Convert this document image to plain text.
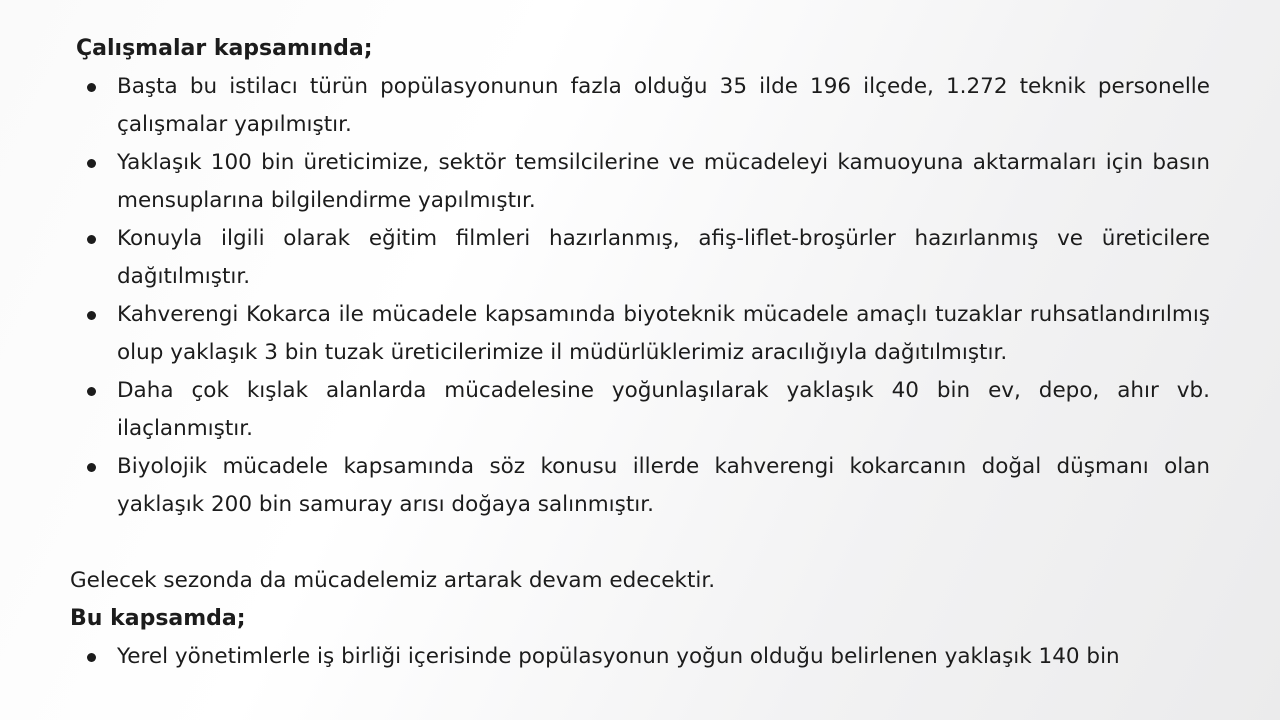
Çalışmalar kapsamında;

Başta bu istilacı türün popülasyonunun fazla olduğu 35 ilde 196 ilçede, 1.272 teknik personelle çalışmalar yapılmıştır.
Yaklaşık 100 bin üreticimize, sektör temsilcilerine ve mücadeleyi kamuoyuna aktarmaları için basın mensuplarına bilgilendirme yapılmıştır.
Konuyla ilgili olarak eğitim filmleri hazırlanmış, afiş-liflet-broşürler hazırlanmış ve üreticilere dağıtılmıştır.
Kahverengi Kokarca ile mücadele kapsamında biyoteknik mücadele amaçlı tuzaklar ruhsatlandırılmış olup yaklaşık 3 bin tuzak üreticilerimize il müdürlüklerimiz aracılığıyla dağıtılmıştır.
Daha çok kışlak alanlarda mücadelesine yoğunlaşılarak yaklaşık 40 bin ev, depo, ahır vb. ilaçlanmıştır.
Biyolojik mücadele kapsamında söz konusu illerde kahverengi kokarcanın doğal düşmanı olan yaklaşık 200 bin samuray arısı doğaya salınmıştır.

Gelecek sezonda da mücadelemiz artarak devam edecektir.

Bu kapsamda;

Yerel yönetimlerle iş birliği içerisinde popülasyonun yoğun olduğu belirlenen yaklaşık 140 bin
